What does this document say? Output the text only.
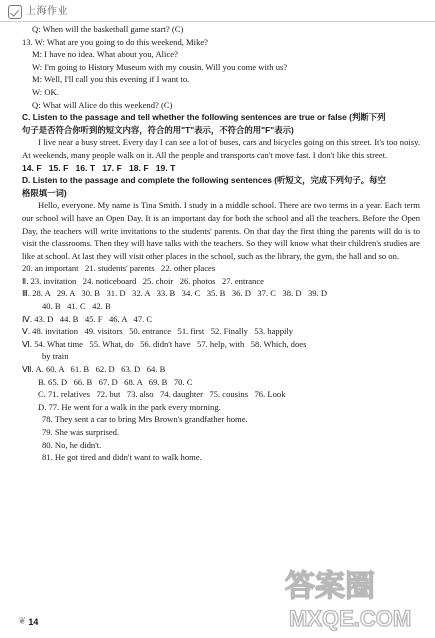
上海作业
Q: When will the basketball game start? (C)
13. W: What are you going to do this weekend, Mike?
M: I have no idea. What about you, Alice?
W: I'm going to History Museum with my cousin. Will you come with us?
M: Well, I'll call you this evening if I want to.
W: OK.
Q: What will Alice do this weekend? (C)
C. Listen to the passage and tell whether the following sentences are true or false (判断下列
句子是否符合你听到的短文内容，符合的用"T"表示，不符合的用"F"表示)
I live near a busy street. Every day I can see a lot of buses, cars and bicycles going on this street. It's too noisy. At weekends, many people walk on it. All the people and transports can't move fast. I don't like this street.
14. F   15. F   16. T   17. F   18. F   19. T
D. Listen to the passage and complete the following sentences (听短文，完成下列句子。每空
格限填一词)
Hello, everyone. My name is Tina Smith. I study in a middle school. There are two terms in a year. Each term our school will have an Open Day. It is an important day for both the school and all the teachers. Before the Open Day, the teachers will write invitations to the students' parents. On that day the first thing the parents will do is to visit the classrooms. Then they will have talks with the teachers. So they will know what their children's studies are like at school. At last they will visit other places in the school, such as the library, the gym, the hall and so on.
20. an important   21. students' parents   22. other places
Ⅱ. 23. invitation   24. noticeboard   25. choir   26. photos   27. entrance
Ⅲ. 28. A   29. A   30. B   31. D   32. A   33. B   34. C   35. B   36. D   37. C   38. D   39. D
40. B   41. C   42. B
Ⅳ. 43. D   44. B   45. F   46. A   47. C
Ⅴ. 48. invitation   49. visitors   50. entrance   51. first   52. Finally   53. happily
Ⅵ. 54. What time   55. What, do   56. didn't have   57. help, with   58. Which, does
by train
Ⅶ. A. 60. A   61. B   62. D   63. D   64. B
B. 65. D   66. B   67. D   68. A   69. B   70. C
C. 71. relatives   72. but   73. also   74. daughter   75. cousins   76. Look
D. 77. He went for a walk in the park every morning.
78. They sent a car to bring Mrs Brown's grandfather home.
79. She was surprised.
80. No, he didn't.
81. He got tired and didn't want to walk home.
❦ 14
答案圈
MXQE.COM
